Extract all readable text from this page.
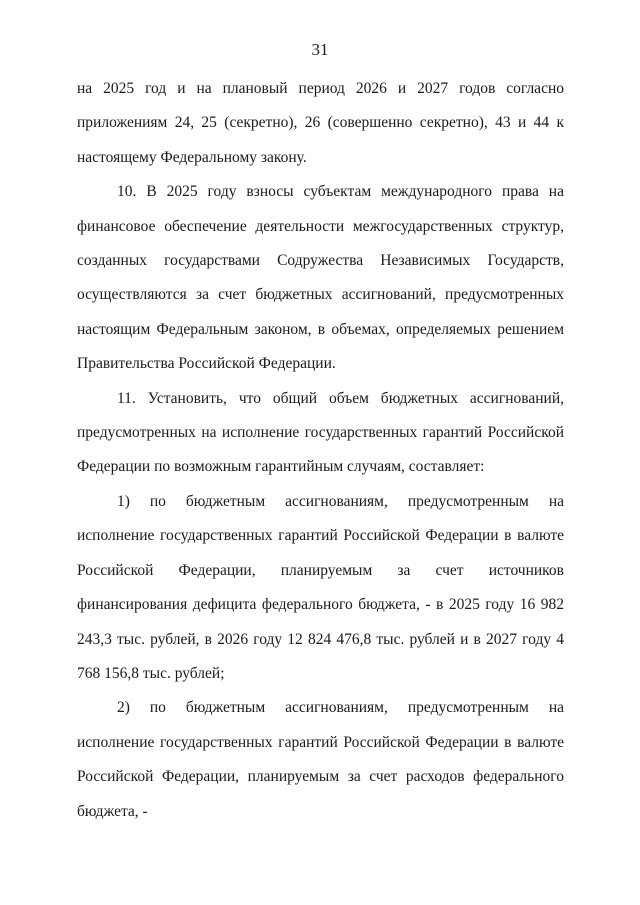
31

на 2025 год и на плановый период 2026 и 2027 годов согласно приложениям 24, 25 (секретно), 26 (совершенно секретно), 43 и 44 к настоящему Федеральному закону.

10. В 2025 году взносы субъектам международного права на финансовое обеспечение деятельности межгосударственных структур, созданных государствами Содружества Независимых Государств, осуществляются за счет бюджетных ассигнований, предусмотренных настоящим Федеральным законом, в объемах, определяемых решением Правительства Российской Федерации.

11. Установить, что общий объем бюджетных ассигнований, предусмотренных на исполнение государственных гарантий Российской Федерации по возможным гарантийным случаям, составляет:

1) по бюджетным ассигнованиям, предусмотренным на исполнение государственных гарантий Российской Федерации в валюте Российской Федерации, планируемым за счет источников финансирования дефицита федерального бюджета, - в 2025 году 16 982 243,3 тыс. рублей, в 2026 году 12 824 476,8 тыс. рублей и в 2027 году 4 768 156,8 тыс. рублей;

2) по бюджетным ассигнованиям, предусмотренным на исполнение государственных гарантий Российской Федерации в валюте Российской Федерации, планируемым за счет расходов федерального бюджета, -
